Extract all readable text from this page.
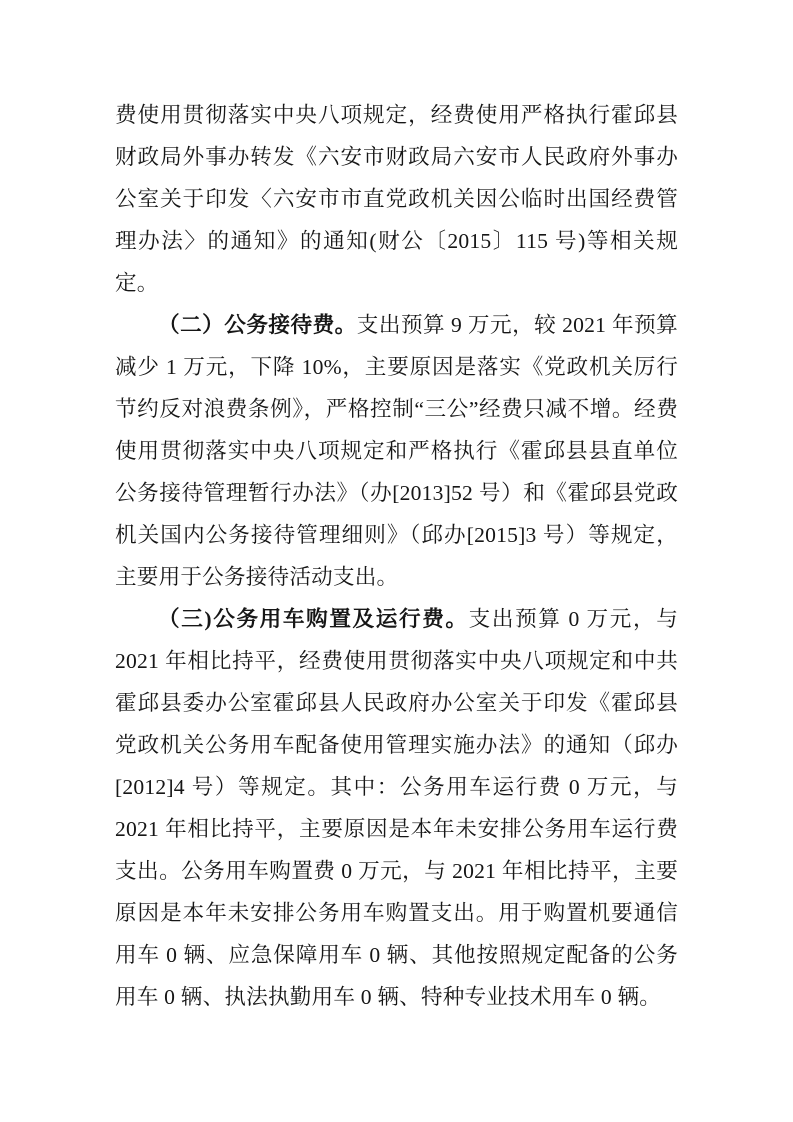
费使用贯彻落实中央八项规定，经费使用严格执行霍邱县财政局外事办转发《六安市财政局六安市人民政府外事办公室关于印发〈六安市市直党政机关因公临时出国经费管理办法〉的通知》的通知(财公〔2015〕115 号)等相关规定。

（二）公务接待费。支出预算 9 万元，较 2021 年预算减少 1 万元，下降 10%，主要原因是落实《党政机关厉行节约反对浪费条例》，严格控制“三公”经费只减不增。经费使用贯彻落实中央八项规定和严格执行《霍邱县县直单位公务接待管理暂行办法》（办[2013]52 号）和《霍邱县党政机关国内公务接待管理细则》（邱办[2015]3 号）等规定，主要用于公务接待活动支出。

（三)公务用车购置及运行费。支出预算 0 万元，与 2021 年相比持平，经费使用贯彻落实中央八项规定和中共霍邱县委办公室霍邱县人民政府办公室关于印发《霍邱县党政机关公务用车配备使用管理实施办法》的通知（邱办[2012]4 号）等规定。其中：公务用车运行费 0 万元，与 2021 年相比持平，主要原因是本年未安排公务用车运行费支出。公务用车购置费 0 万元，与 2021 年相比持平，主要原因是本年未安排公务用车购置支出。用于购置机要通信用车 0 辆、应急保障用车 0 辆、其他按照规定配备的公务用车 0 辆、执法执勤用车 0 辆、特种专业技术用车 0 辆。
